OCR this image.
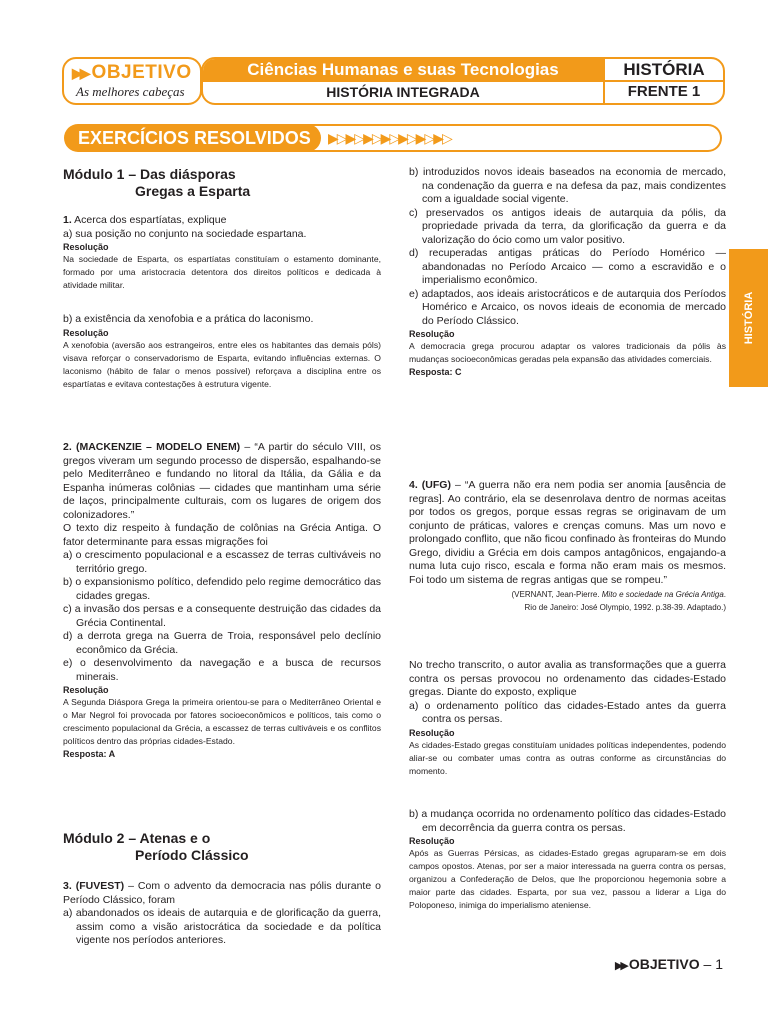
▶▶ OBJETIVO
As melhores cabeças
Ciências Humanas e suas Tecnologias
HISTÓRIA INTEGRADA
HISTÓRIA
FRENTE 1
EXERCÍCIOS RESOLVIDOS	▶▷▶▷▶▷▶▷▶▷▶▷▶▷
HISTÓRIA

Módulo 1 – Das diásporas

Gregas a Esparta

1. Acerca dos espartíatas, explique

a) sua posição no conjunto na sociedade espartana.

Resolução

Na sociedade de Esparta, os espartíatas constituíam o estamento dominante, formado por uma aristocracia detentora dos direitos políticos e dedicada à atividade militar.

b) a existência da xenofobia e a prática do laconismo.

Resolução

A xenofobia (aversão aos estrangeiros, entre eles os habitantes das demais póls) visava reforçar o conservadorismo de Esparta, evitando influências externas. O laconismo (hábito de falar o menos possível) reforçava a disciplina entre os espartíatas e evitava contestações à estrutura vigente.

2. (MACKENZIE – MODELO ENEM) – “A partir do século VIII, os gregos viveram um segundo processo de dispersão, espalhando-se pelo Mediterrâneo e fundando no litoral da Itália, da Gália e da Espanha inúmeras colônias — cidades que mantinham uma série de laços, principalmente culturais, com os lugares de origem dos colonizadores.”

O texto diz respeito à fundação de colônias na Grécia Antiga. O fator determinante para essas migrações foi

a) o crescimento populacional e a escassez de terras cultiváveis no território grego.

b) o expansionismo político, defendido pelo regime democrático das cidades gregas.

c) a invasão dos persas e a consequente destruição das cidades da Grécia Continental.

d) a derrota grega na Guerra de Troia, responsável pelo declínio econômico da Grécia.

e) o desenvolvimento da navegação e a busca de recursos minerais.

Resolução

A Segunda Diáspora Grega la primeira orientou-se para o Mediterrâneo Oriental e o Mar Negrol foi provocada por fatores socioeconômicos e políticos, tais como o crescimento populacional da Grécia, a escassez de terras cultiváveis e os conflitos políticos dentro das próprias cidades-Estado.

Resposta: A

Módulo 2 – Atenas e o

Período Clássico

3. (FUVEST) – Com o advento da democracia nas pólis durante o Período Clássico, foram

a) abandonados os ideais de autarquia e de glorificação da guerra, assim como a visão aristocrática da sociedade e da política vigente nos períodos anteriores.

b) introduzidos novos ideais baseados na economia de mercado, na condenação da guerra e na defesa da paz, mais condizentes com a igualdade social vigente.

c) preservados os antigos ideais de autarquia da pólis, da propriedade privada da terra, da glorificação da guerra e da valorização do ócio como um valor positivo.

d) recuperadas antigas práticas do Período Homérico — abandonadas no Período Arcaico — como a escravidão e o imperialismo econômico.

e) adaptados, aos ideais aristocráticos e de autarquia dos Períodos Homérico e Arcaico, os novos ideais de economia de mercado do Período Clássico.

Resolução

A democracia grega procurou adaptar os valores tradicionais da pólis às mudanças socioeconômicas geradas pela expansão das atividades comerciais.

Resposta: C

4. (UFG) – “A guerra não era nem podia ser anomia [ausência de regras]. Ao contrário, ela se desenrolava dentro de normas aceitas por todos os gregos, porque essas regras se originavam de um conjunto de práticas, valores e crenças comuns. Mas um novo e prolongado conflito, que não ficou confinado às fronteiras do Mundo Grego, dividiu a Grécia em dois campos antagônicos, engajando-a numa luta cujo risco, escala e forma não eram mais os mesmos. Foi todo um sistema de regras antigas que se rompeu.”

(VERNANT, Jean-Pierre. Mito e sociedade na Grécia Antiga.

Rio de Janeiro: José Olympio, 1992. p.38-39. Adaptado.)

No trecho transcrito, o autor avalia as transformações que a guerra contra os persas provocou no ordenamento das cidades-Estado gregas. Diante do exposto, explique

a) o ordenamento político das cidades-Estado antes da guerra contra os persas.

Resolução

As cidades-Estado gregas constituíam unidades políticas independentes, podendo aliar-se ou combater umas contra as outras conforme as circunstâncias do momento.

b) a mudança ocorrida no ordenamento político das cidades-Estado em decorrência da guerra contra os persas.

Resolução

Após as Guerras Pérsicas, as cidades-Estado gregas agruparam-se em dois campos opostos. Atenas, por ser a maior interessada na guerra contra os persas, organizou a Confederação de Delos, que lhe proporcionou hegemonia sobre a maior parte das cidades. Esparta, por sua vez, passou a liderar a Liga do Poloponeso, inimiga do imperialismo ateniense.

▶▶ OBJETIVO – 1
